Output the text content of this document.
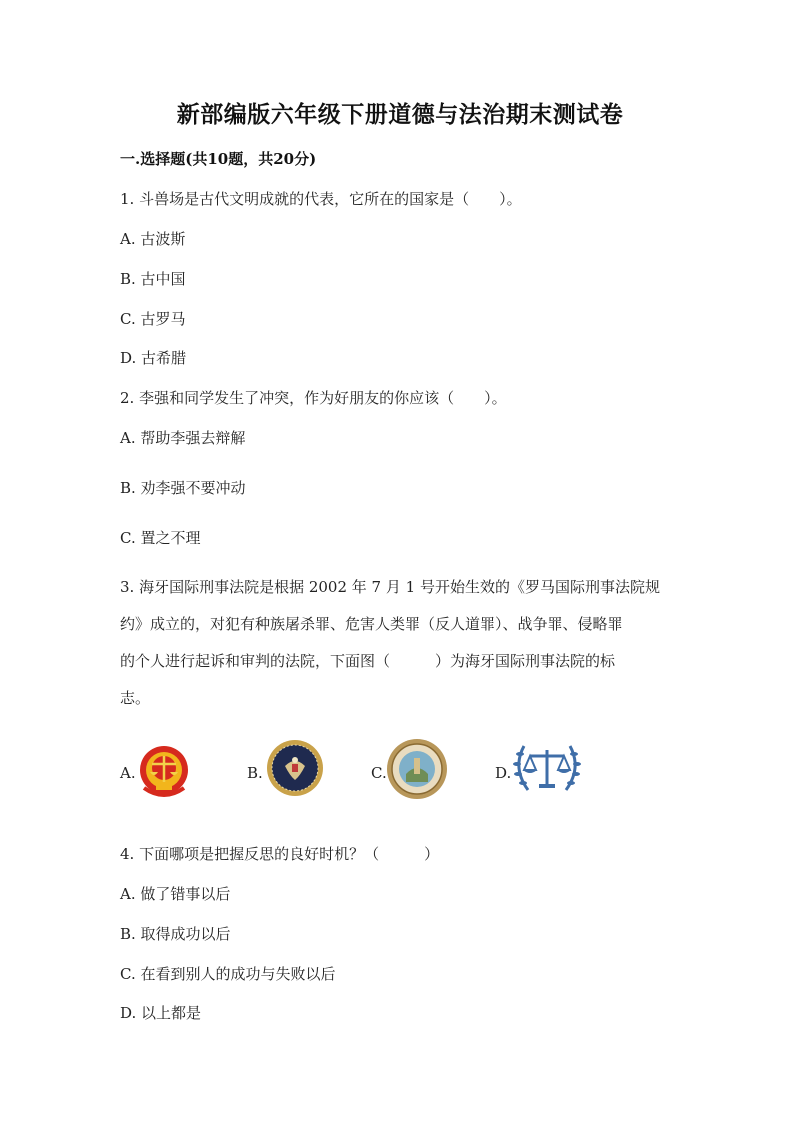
新部编版六年级下册道德与法治期末测试卷
一.选择题(共10题，共20分)
1. 斗兽场是古代文明成就的代表，它所在的国家是（　　）。
A. 古波斯
B. 古中国
C. 古罗马
D. 古希腊
2. 李强和同学发生了冲突，作为好朋友的你应该（　　）。
A. 帮助李强去辩解
B. 劝李强不要冲动
C. 置之不理
3. 海牙国际刑事法院是根据 2002 年 7 月 1 号开始生效的《罗马国际刑事法院规
约》成立的，对犯有种族屠杀罪、危害人类罪（反人道罪）、战争罪、侵略罪
的个人进行起诉和审判的法院，下面图（　　　）为海牙国际刑事法院的标
志。
A.	B.	C.	D.
4. 下面哪项是把握反思的良好时机？（　　　）
A. 做了错事以后
B. 取得成功以后
C. 在看到别人的成功与失败以后
D. 以上都是
